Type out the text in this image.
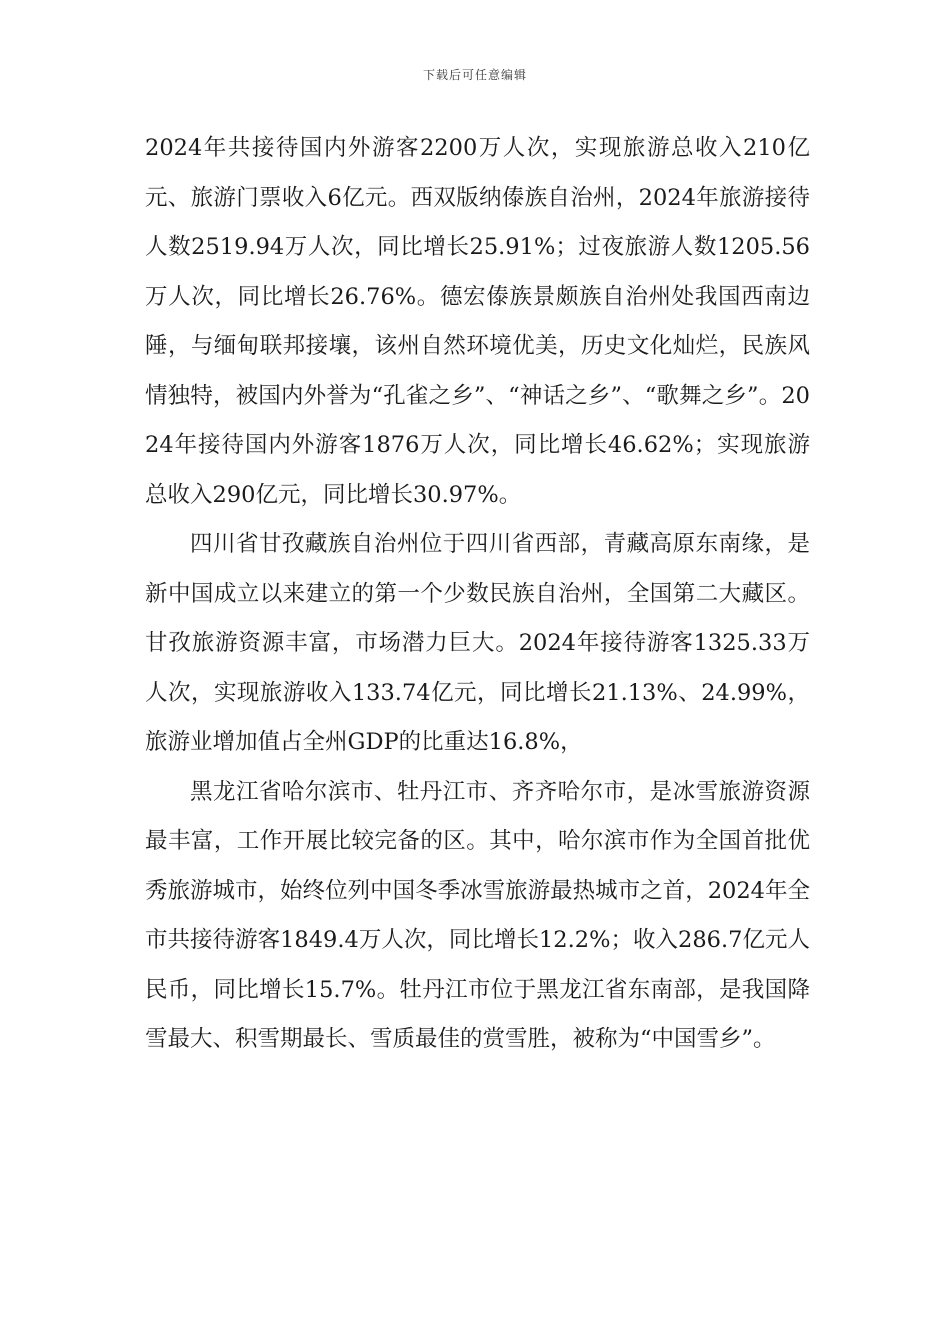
下载后可任意编辑

2024年共接待国内外游客2200万人次，实现旅游总收入210亿元、旅游门票收入6亿元。西双版纳傣族自治州，2024年旅游接待人数2519.94万人次，同比增长25.91%；过夜旅游人数1205.56万人次，同比增长26.76%。德宏傣族景颇族自治州处我国西南边陲，与缅甸联邦接壤，该州自然环境优美，历史文化灿烂，民族风情独特，被国内外誉为“孔雀之乡”、“神话之乡”、“歌舞之乡”。2024年接待国内外游客1876万人次，同比增长46.62%；实现旅游总收入290亿元，同比增长30.97%。

四川省甘孜藏族自治州位于四川省西部，青藏高原东南缘，是新中国成立以来建立的第一个少数民族自治州，全国第二大藏区。甘孜旅游资源丰富，市场潜力巨大。2024年接待游客1325.33万人次，实现旅游收入133.74亿元，同比增长21.13%、24.99%，旅游业增加值占全州GDP的比重达16.8%，

黑龙江省哈尔滨市、牡丹江市、齐齐哈尔市，是冰雪旅游资源最丰富，工作开展比较完备的区。其中，哈尔滨市作为全国首批优秀旅游城市，始终位列中国冬季冰雪旅游最热城市之首，2024年全市共接待游客1849.4万人次，同比增长12.2%；收入286.7亿元人民币，同比增长15.7%。牡丹江市位于黑龙江省东南部，是我国降雪最大、积雪期最长、雪质最佳的赏雪胜，被称为“中国雪乡”。
